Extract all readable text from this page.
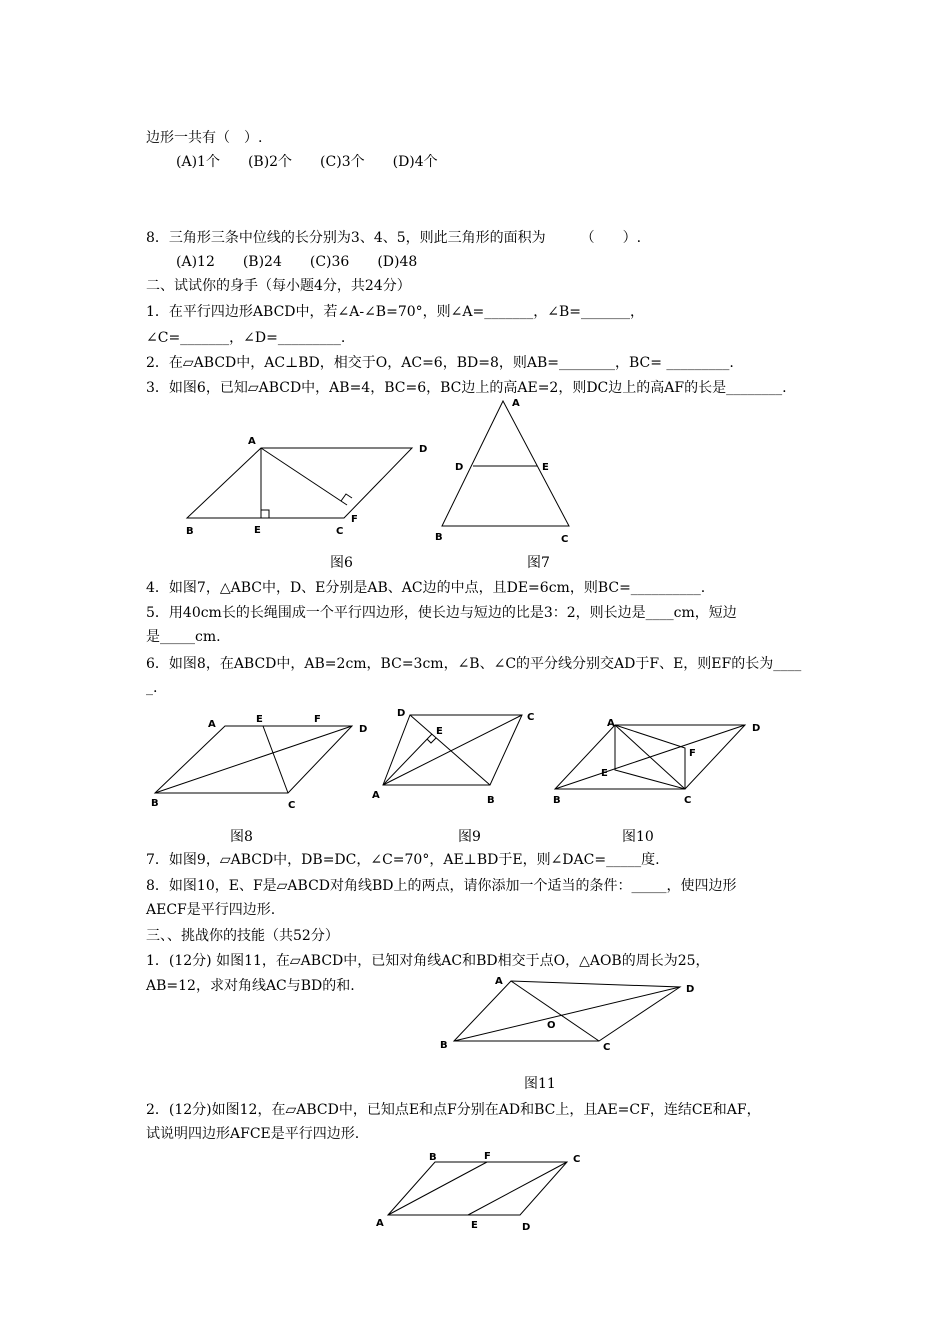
边形一共有（　）.
(A)1个　　(B)2个　　(C)3个　　(D)4个
8．三角形三条中位线的长分别为3、4、5，则此三角形的面积为　　　（　　）.
(A)12　　(B)24　　(C)36　　(D)48
二、试试你的身手（每小题4分，共24分）
1．在平行四边形ABCD中，若∠A-∠B=70°，则∠A=_______，∠B=_______，
∠C=_______，∠D=_________.
2．在▱ABCD中，AC⊥BD，相交于O，AC=6，BD=8，则AB=________，BC= _________.
3．如图6，已知▱ABCD中，AB=4，BC=6，BC边上的高AE=2，则DC边上的高AF的长是________.
A
D
B	E	C
F
图6
A
D	E
B	C
图7
4．如图7，△ABC中，D、E分别是AB、AC边的中点，且DE=6cm，则BC=__________.
5．用40cm长的长绳围成一个平行四边形，使长边与短边的比是3：2，则长边是____cm，短边
是_____cm.
6．如图8，在ABCD中，AB=2cm，BC=3cm，∠B、∠C的平分线分别交AD于F、E，则EF的长为____
_.
A	E	F
D
B	C
图8
D
E
C
A	B
图9
A	D
E
F
B	C
图10
7．如图9，▱ABCD中，DB=DC，∠C=70°，AE⊥BD于E，则∠DAC=_____度.
8．如图10，E、F是▱ABCD对角线BD上的两点，请你添加一个适当的条件：_____，使四边形
AECF是平行四边形.
三、、挑战你的技能（共52分）
1．(12分) 如图11，在▱ABCD中，已知对角线AC和BD相交于点O，△AOB的周长为25，
AB=12，求对角线AC与BD的和.	A
D
O
B	C
图11
2．(12分)如图12，在▱ABCD中，已知点E和点F分别在AD和BC上，且AE=CF，连结CE和AF，
试说明四边形AFCE是平行四边形.
B	F	C
A	E	D
